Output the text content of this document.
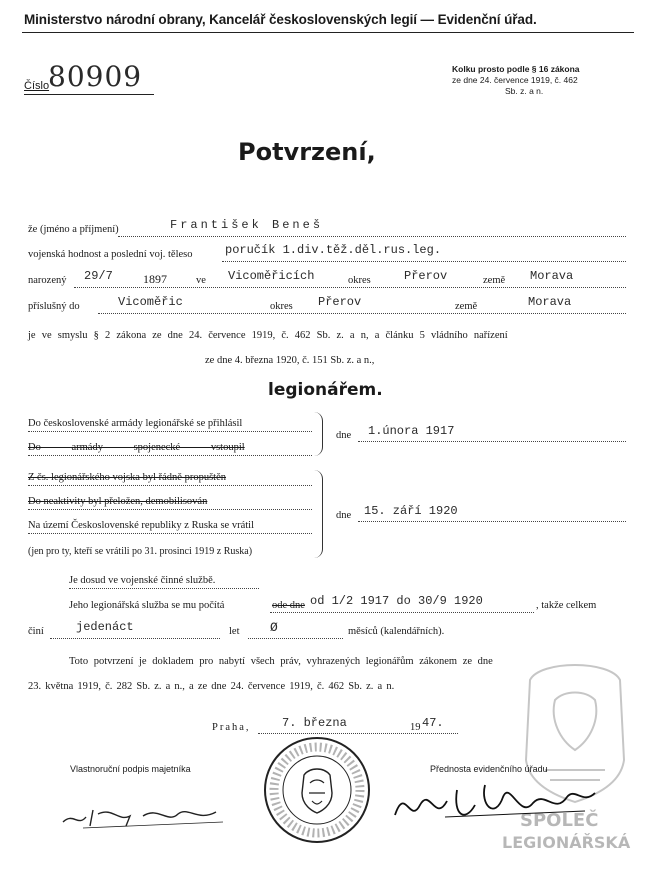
Ministerstvo národní obrany, Kancelář československých legií — Evidenční úřad.
Číslo
80909	Kolku prosto podle § 16 zákona
ze dne 24. července 1919, č. 462
Sb. z. a n.
Potvrzení,
že (jméno a příjmení)	František Beneš
vojenská hodnost a poslední voj. těleso	poručík 1.div.těž.děl.rus.leg.
narozený 29/7	1897	ve Vicoměřicích	okres	Přerov	země Morava
příslušný do	Vicoměřic	okres Přerov	země	Morava
je ve smyslu § 2 zákona ze dne 24. července 1919, č. 462 Sb. z. a n, a článku 5 vládního nařízení
ze dne 4. března 1920, č. 151 Sb. z. a n.,
legionářem.
Do československé armády legionářské se přihlásil
Do armády spojenecké vstoupil
dne 1.února 1917
Z čs. legionářského vojska byl řádně propuštěn
Do neaktivity byl přeložen, demobilisován
Na území Československé republiky z Ruska se vrátil
(jen pro ty, kteří se vrátili po 31. prosinci 1919 z Ruska)
dne 15. září 1920
Je dosud ve vojenské činné službě.
Jeho legionářská služba se mu počítá	ode dne od 1/2 1917 do 30/9 1920	, takže celkem
činí	jedenáct	let Ø	měsíců (kalendářních).
Toto potvrzení je dokladem pro nabytí všech práv, vyhrazených legionářům zákonem ze dne
23. května 1919, č. 282 Sb. z. a n., a ze dne 24. července 1919, č. 462 Sb. z. a n.
Praha,	7. března	19 47.
Vlastnoruční podpis majetníka	Přednosta evidenčního úřadu
SPOLEČ
LEGIONÁŘSKÁ
